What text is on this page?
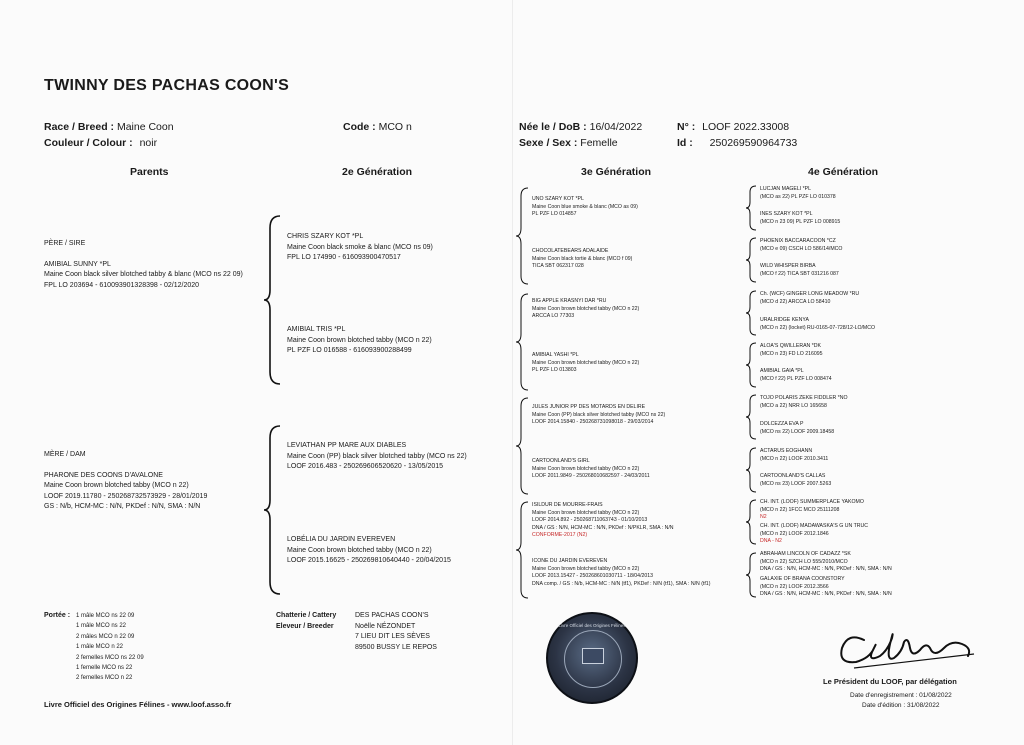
TWINNY DES PACHAS COON'S
Race / Breed : Maine Coon
Couleur / Colour : noir
Code : MCO n	Née le / DoB : 16/04/2022
Sexe / Sex : Femelle
N° : LOOF 2022.33008
Id : 250269590964733
Parents	2e Génération	3e Génération	4e Génération
PÈRE / SIRE
AMIBIAL SUNNY *PL
Maine Coon black silver blotched tabby & blanc (MCO ns 22 09)
FPL LO 203694 - 610093901328398 - 02/12/2020
MÈRE / DAM
PHARONE DES COONS D'AVALONE
Maine Coon brown blotched tabby (MCO n 22)
LOOF 2019.11780 - 250268732573929 - 28/01/2019
GS : N/b, HCM-MC : N/N, PKDef : N/N, SMA : N/N
CHRIS SZARY KOT *PL
Maine Coon black smoke & blanc (MCO ns 09)
FPL LO 174990 - 616093900470517
AMIBIAL TRIS *PL
Maine Coon brown blotched tabby (MCO n 22)
PL PZF LO 016588 - 616093900288499
LEVIATHAN PP MARE AUX DIABLES
Maine Coon (PP) black silver blotched tabby (MCO ns 22)
LOOF 2016.483 - 250269606520620 - 13/05/2015
LOBÉLIA DU JARDIN EVEREVEN
Maine Coon brown blotched tabby (MCO n 22)
LOOF 2015.16625 - 250269810640440 - 20/04/2015
UNO SZARY KOT *PL
Maine Coon blue smoke & blanc (MCO as 09)
PL PZF LO 014857
CHOCOLATEBEARS ADALAIDE
Maine Coon black tortie & blanc (MCO f 09)
TICA SBT 062317 028
BIG APPLE KRASNYI DAR *RU
Maine Coon brown blotched tabby (MCO n 22)
ARCCA LO 77303
AMIBIAL YASHI *PL
Maine Coon brown blotched tabby (MCO n 22)
PL PZF LO 013803
JULES JUNIOR PP DES MOTARDS EN DELIRE
Maine Coon (PP) black silver blotched tabby (MCO ns 22)
LOOF 2014.15840 - 250268731098018 - 29/03/2014
CARTOONLAND'S GIRL
Maine Coon brown blotched tabby (MCO n 22)
LOOF 2011.9849 - 250268010682597 - 24/03/2011
ISILDUR DE MOURRE-FRAIS
Maine Coon brown blotched tabby (MCO n 22)
LOOF 2014.892 - 250268711063743 - 01/10/2013
DNA / GS : N/N, HCM-MC : N/N, PKDef : N/PKLR, SMA : N/N
CONFORME-2017 (N2)
ICONE DU JARDIN EVEREVEN
Maine Coon brown blotched tabby (MCO n 22)
LOOF 2013.15427 - 250268601030711 - 18/04/2013
DNA comp. / GS : N/b, HCM-MC : N/N (tf1), PKDef : N/N (tf1), SMA : N/N (tf1)
LUCJAN MAGELI *PL
(MCO as 22) PL PZF LO 010378
INES SZARY KOT *PL
(MCO n 23 09) PL PZF LO 008915
PHOENIX BACCARACOON *CZ
(MCO e 09) CSCH LO 586/14/MCO
WILD WHISPER BIRBA
(MCO f 22) TICA SBT 031216 087
Ch. (WCF) GINGER LONG MEADOW *RU
(MCO d 22) ARCCA LO 58410
URALRIDGE KENYA
(MCO n 22) (locket) RU-0165-07-728/12-LO/MCO
ALOA'S QWILLERAN *DK
(MCO n 23) FD LO 216095
AMIBIAL GAIA *PL
(MCO f 22) PL PZF LO 008474
TOJO POLARIS ZEKE FIDDLER *NO
(MCO a 22) NRR LO 165658
DOLCEZZA EVA P
(MCO ns 22) LOOF 2009.18458
ACTARUS EOGHANN
(MCO n 22) LOOF 2010.3411
CARTOONLAND'S CALLAS
(MCO ns 23) LOOF 2007.5263
CH. INT. (LOOF) SUMMERPLACE YAKOMO
(MCO n 22) 1FCC MCO 25111208
N2
CH. INT. (LOOF) MADAWASKA'S G UN TRUC
(MCO n 22) LOOF 2012.1846
DNA - N2
ABRAHAM LINCOLN OF CADAZZ *SK
(MCO n 22) SZCH LO 555/2010/MCO
DNA / GS : N/N, HCM-MC : N/N, PKDef : N/N, SMA : N/N
GALAXIE OF BRANA COONSTORY
(MCO n 22) LOOF 2012.3566
DNA / GS : N/N, HCM-MC : N/N, PKDef : N/N, SMA : N/N
Portée : 1 mâle MCO ns 22 09
1 mâle MCO ns 22
2 mâles MCO n 22 09
1 mâle MCO n 22
2 femelles MCO ns 22 09
1 femelle MCO ns 22
2 femelles MCO n 22
Chatterie / Cattery
Eleveur / Breeder
DES PACHAS COON'S
Noëlle NÉZONDET
7 LIEU DIT LES SÈVES
89500 BUSSY LE REPOS
Livre Officiel des Origines Félines
Livre Officiel des Origines Félines - www.loof.asso.fr
Le Président du LOOF, par délégation
Date d'enregistrement : 01/08/2022
Date d'édition : 31/08/2022
